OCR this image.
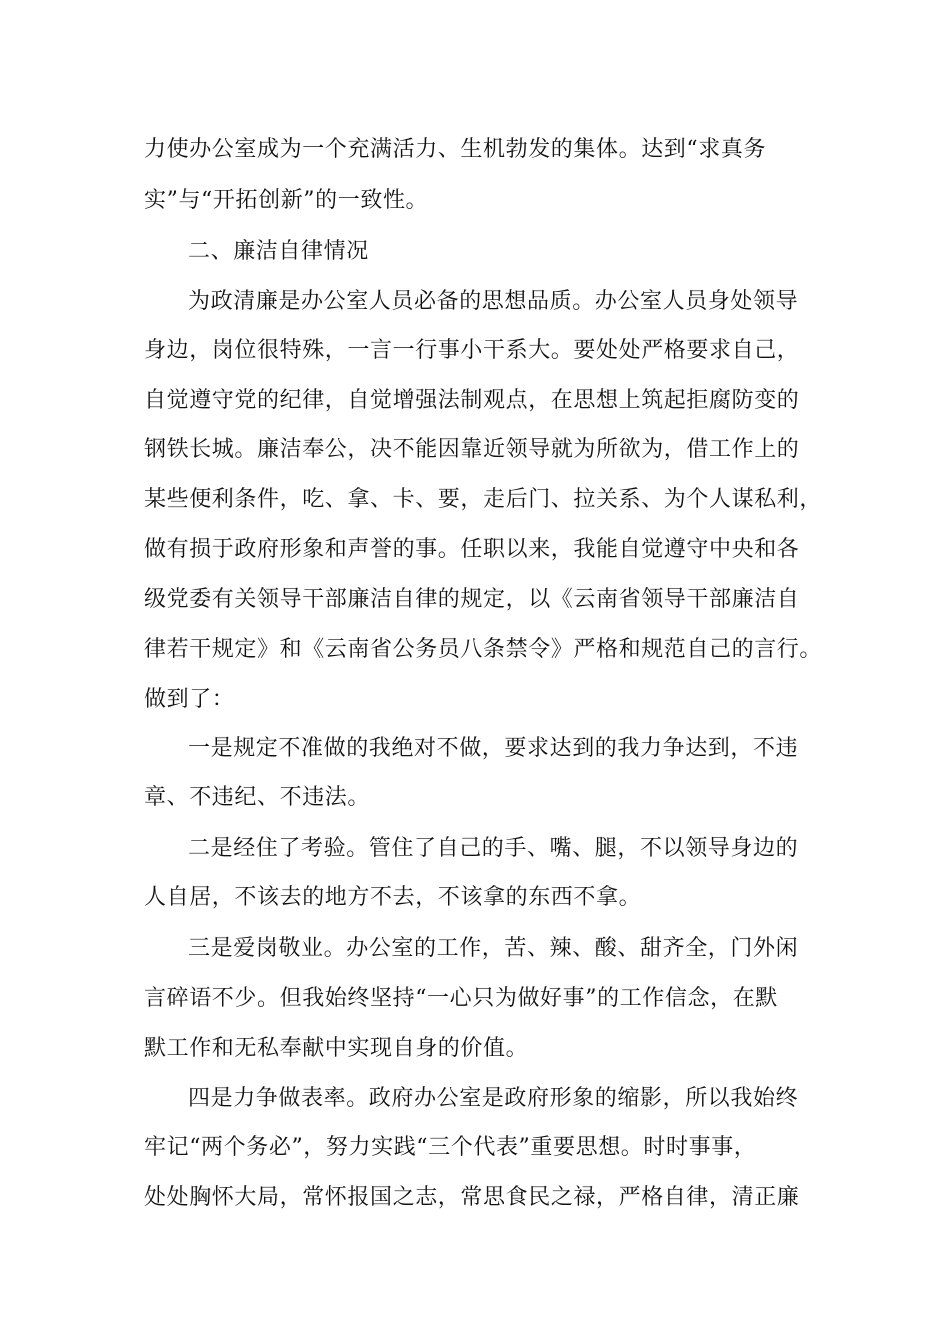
力使办公室成为一个充满活力、生机勃发的集体。达到“求真务
实”与“开拓创新”的一致性。
二、廉洁自律情况
为政清廉是办公室人员必备的思想品质。办公室人员身处领导
身边，岗位很特殊，一言一行事小干系大。要处处严格要求自己，
自觉遵守党的纪律，自觉增强法制观点，在思想上筑起拒腐防变的
钢铁长城。廉洁奉公，决不能因靠近领导就为所欲为，借工作上的
某些便利条件，吃、拿、卡、要，走后门、拉关系、为个人谋私利，
做有损于政府形象和声誉的事。任职以来，我能自觉遵守中央和各
级党委有关领导干部廉洁自律的规定，以《云南省领导干部廉洁自
律若干规定》和《云南省公务员八条禁令》严格和规范自己的言行。
做到了：
一是规定不准做的我绝对不做，要求达到的我力争达到，不违
章、不违纪、不违法。
二是经住了考验。管住了自己的手、嘴、腿，不以领导身边的
人自居，不该去的地方不去，不该拿的东西不拿。
三是爱岗敬业。办公室的工作，苦、辣、酸、甜齐全，门外闲
言碎语不少。但我始终坚持“一心只为做好事”的工作信念，在默
默工作和无私奉献中实现自身的价值。
四是力争做表率。政府办公室是政府形象的缩影，所以我始终
牢记“两个务必”，努力实践“三个代表”重要思想。时时事事，
处处胸怀大局，常怀报国之志，常思食民之禄，严格自律，清正廉
